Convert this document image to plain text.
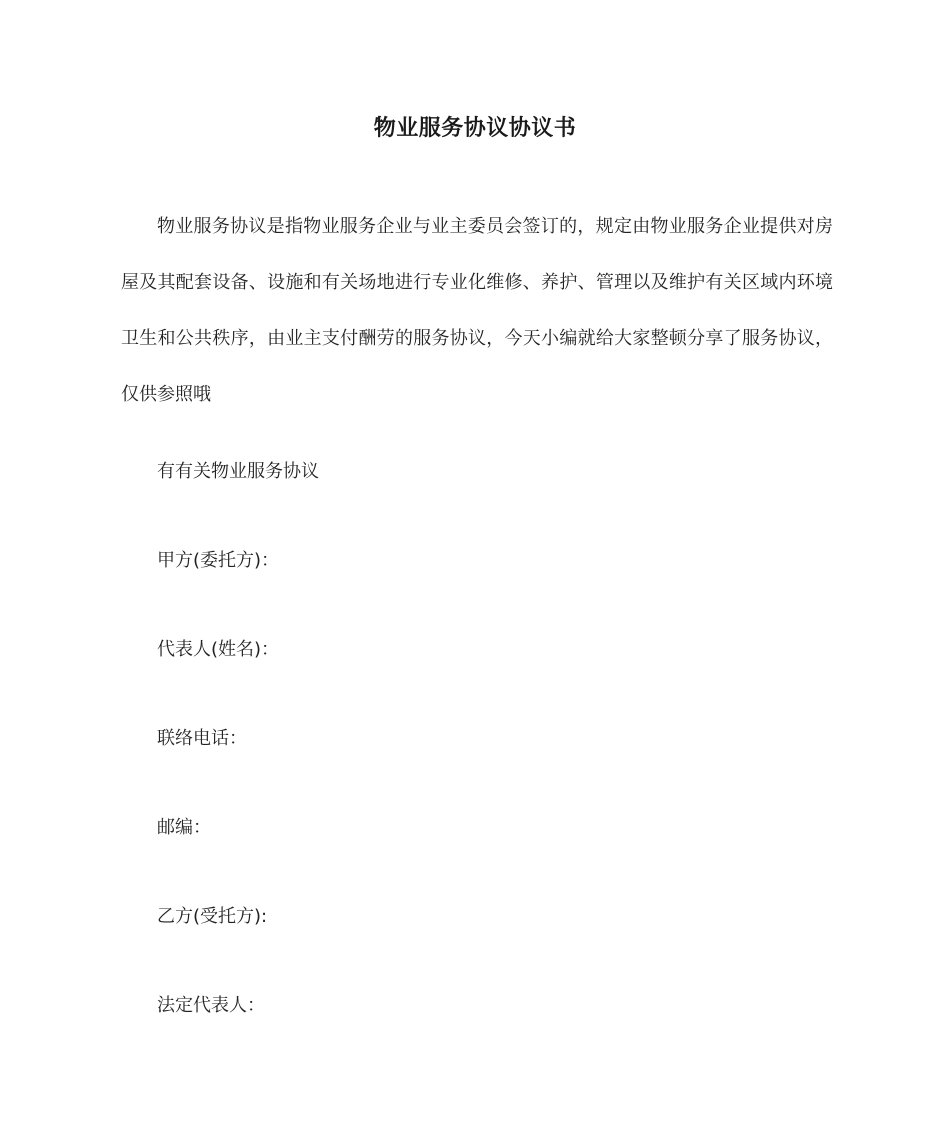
物业服务协议协议书

物业服务协议是指物业服务企业与业主委员会签订的，规定由物业服务企业提供对房屋及其配套设备、设施和有关场地进行专业化维修、养护、管理以及维护有关区域内环境卫生和公共秩序，由业主支付酬劳的服务协议，今天小编就给大家整顿分享了服务协议，仅供参照哦

有有关物业服务协议

甲方(委托方)：

代表人(姓名)：

联络电话：

邮编：

乙方(受托方):

法定代表人：
